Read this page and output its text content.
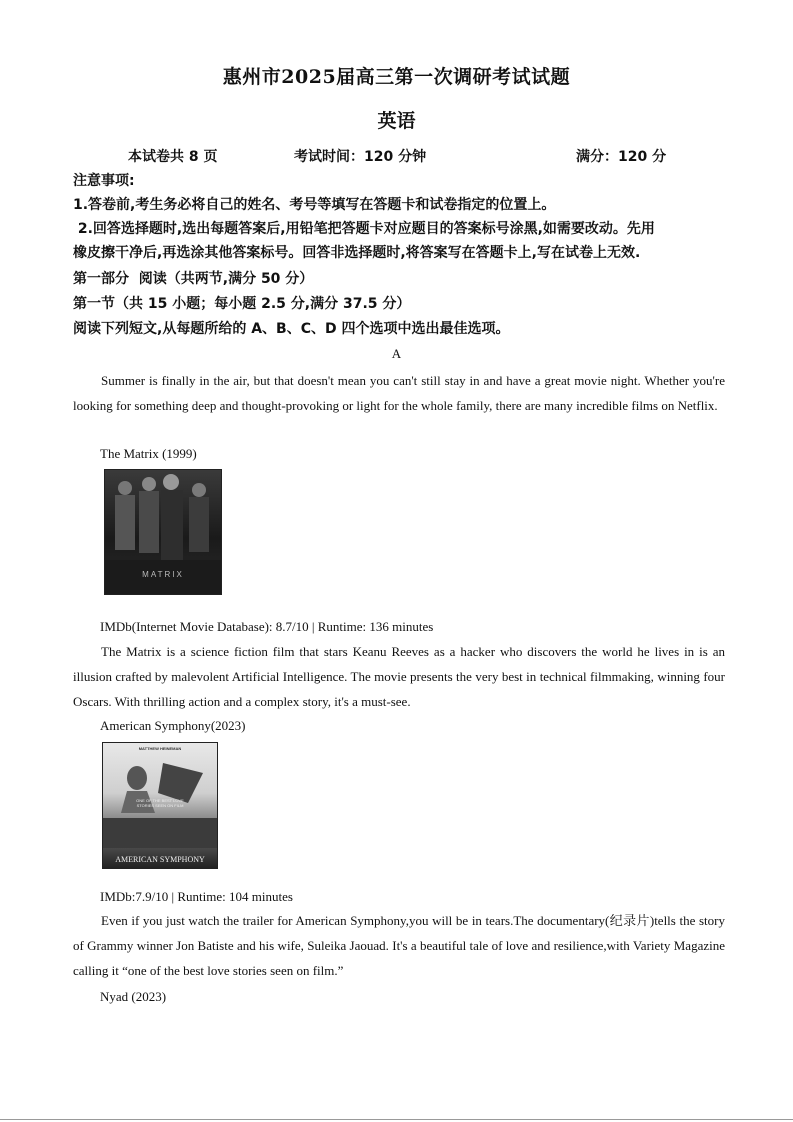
惠州市2025届高三第一次调研考试试题
英语
本试卷共 8 页	考试时间：120 分钟	满分：120 分
注意事项:
1.答卷前,考生务必将自己的姓名、考号等填写在答题卡和试卷指定的位置上。
2.回答选择题时,选出每题答案后,用铅笔把答题卡对应题目的答案标号涂黑,如需要改动。先用
橡皮擦干净后,再选涂其他答案标号。回答非选择题时,将答案写在答题卡上,写在试卷上无效.
第一部分  阅读（共两节,满分 50 分）
第一节（共 15 小题；每小题 2.5 分,满分 37.5 分）
阅读下列短文,从每题所给的 A、B、C、D 四个选项中选出最佳选项。
A
Summer is finally in the air, but that doesn't mean you can't still stay in and have a great movie night. Whether you're looking for something deep and thought-provoking or light for the whole family, there are many incredible films on Netflix.
The Matrix (1999)
MATRIX
IMDb(Internet Movie Database): 8.7/10 | Runtime: 136 minutes
The Matrix is a science fiction film that stars Keanu Reeves as a hacker who discovers the world he lives in is an illusion crafted by malevolent Artificial Intelligence. The movie presents the very best in technical filmmaking, winning four Oscars. With thrilling action and a complex story, it's a must-see.
American Symphony(2023)
MATTHEW HEINEMAN
ONE OF THE BEST LOVE STORIES SEEN ON FILM
AMERICAN SYMPHONY
IMDb:7.9/10 | Runtime: 104 minutes
Even if you just watch the trailer for American Symphony,you will be in tears.The documentary(纪录片)tells the story of Grammy winner Jon Batiste and his wife, Suleika Jaouad. It's a beautiful tale of love and resilience,with Variety Magazine calling it “one of the best love stories seen on film.”
Nyad (2023)
